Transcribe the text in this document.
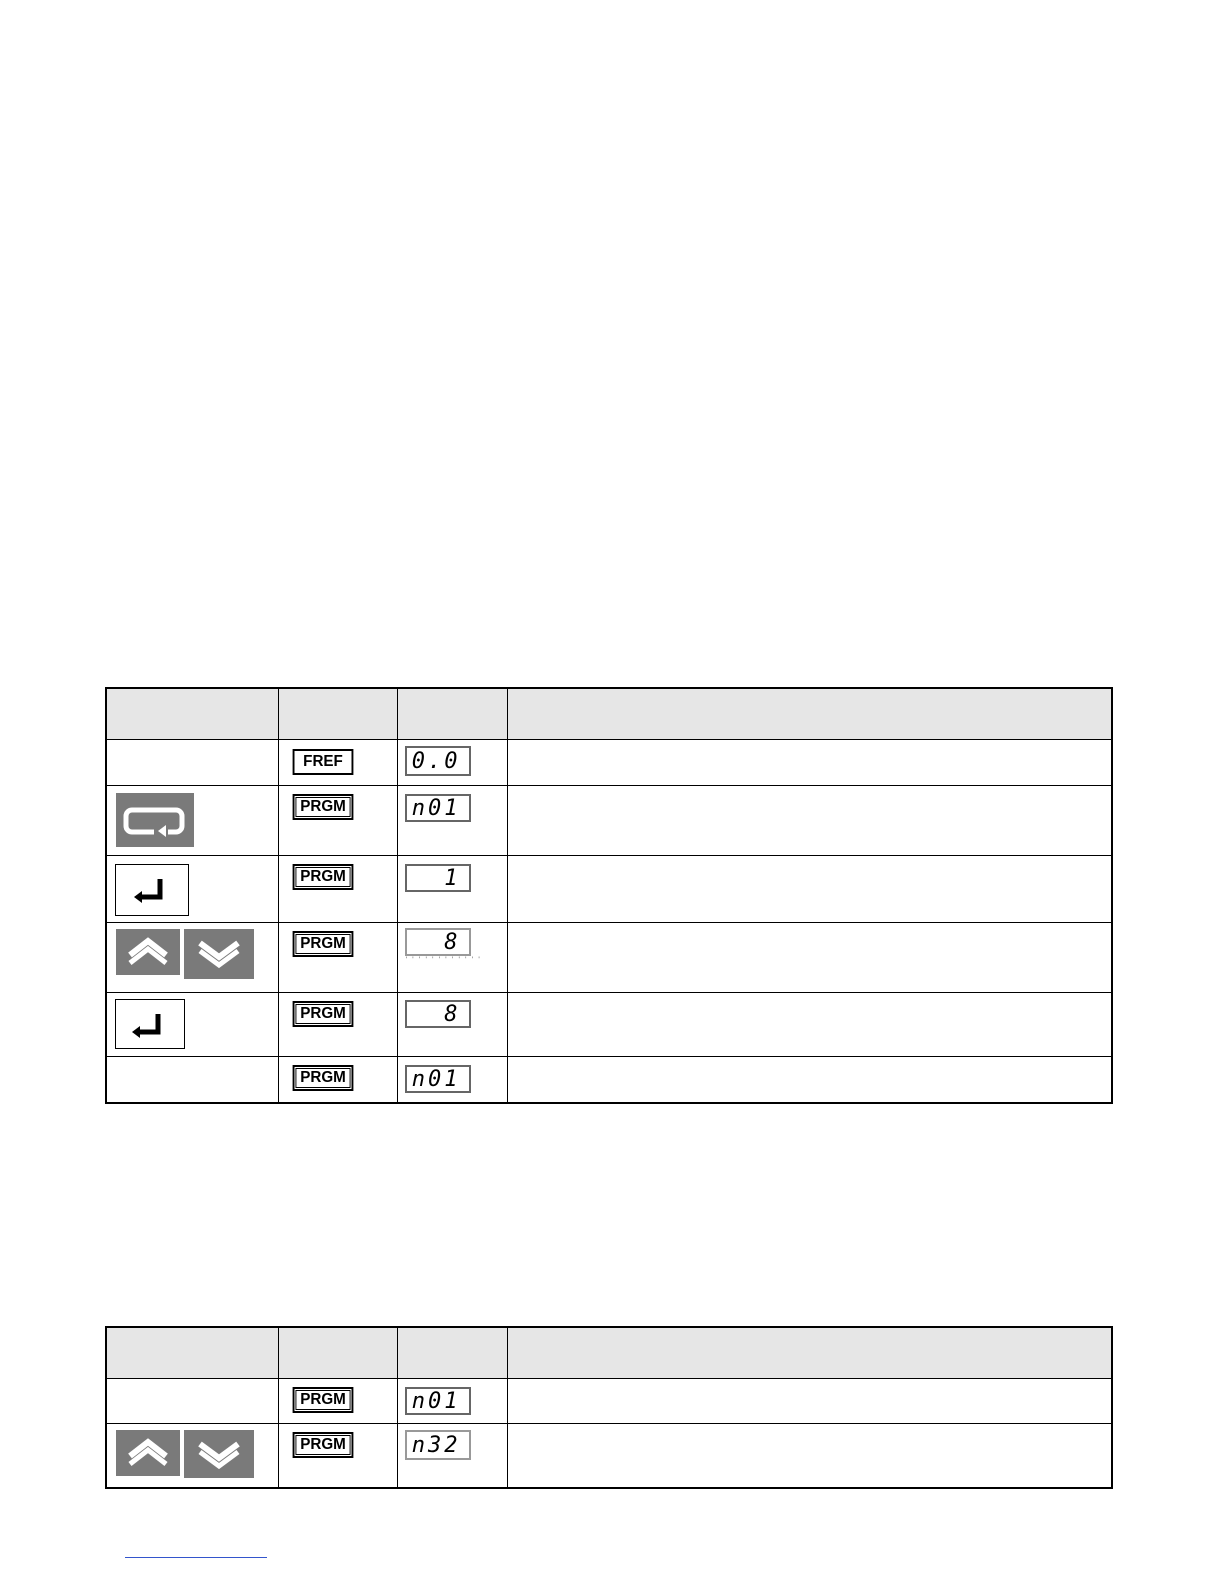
FREF	0.0	

PRGM	n01	

PRGM	1	

PRGM	8
''''''''''''	

PRGM	8	

PRGM	n01	

PRGM	n01	

PRGM	n32	
